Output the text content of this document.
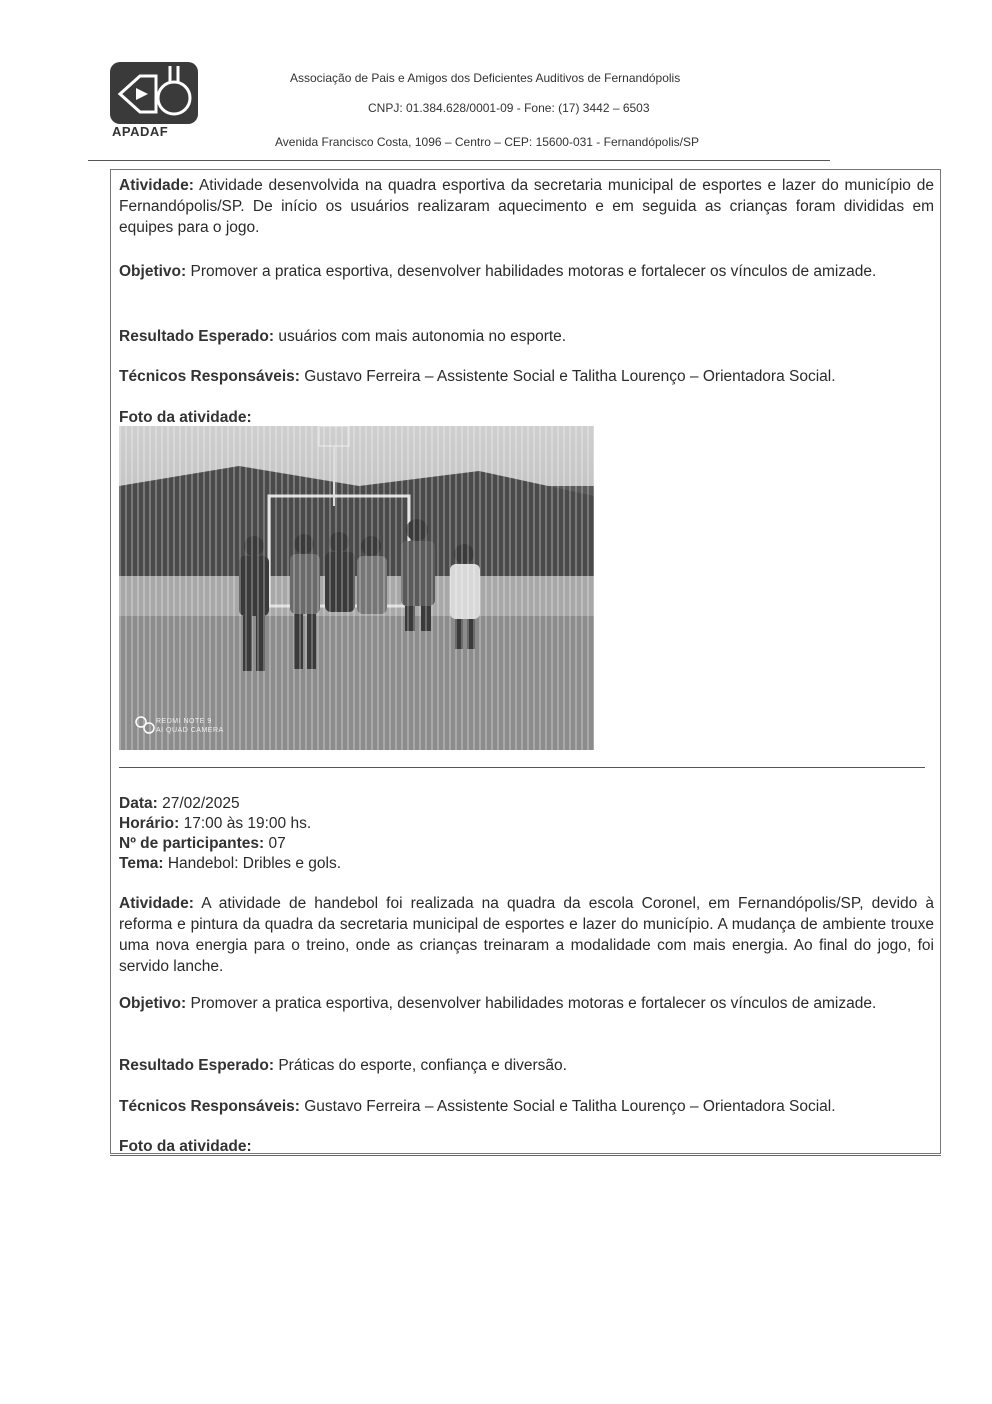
APADAF
Associação de Pais e Amigos dos Deficientes Auditivos de Fernandópolis
CNPJ: 01.384.628/0001-09 - Fone: (17) 3442 – 6503
Avenida Francisco Costa, 1096 – Centro – CEP: 15600-031 - Fernandópolis/SP
Atividade: Atividade desenvolvida na quadra esportiva da secretaria municipal de esportes e lazer do município de Fernandópolis/SP. De início os usuários realizaram aquecimento e em seguida as crianças foram divididas em equipes para o jogo.
Objetivo: Promover a pratica esportiva, desenvolver habilidades motoras e fortalecer os vínculos de amizade.
Resultado Esperado: usuários com mais autonomia no esporte.
Técnicos Responsáveis: Gustavo Ferreira – Assistente Social e Talitha Lourenço – Orientadora Social.
Foto da atividade:
REDMI NOTE 9
AI QUAD CAMERA
Data: 27/02/2025
Horário: 17:00 às 19:00 hs.
Nº de participantes: 07
Tema: Handebol: Dribles e gols.
Atividade: A atividade de handebol foi realizada na quadra da escola Coronel, em Fernandópolis/SP, devido à reforma e pintura da quadra da secretaria municipal de esportes e lazer do município. A mudança de ambiente trouxe uma nova energia para o treino, onde as crianças treinaram a modalidade com mais energia. Ao final do jogo, foi servido lanche.
Objetivo: Promover a pratica esportiva, desenvolver habilidades motoras e fortalecer os vínculos de amizade.
Resultado Esperado: Práticas do esporte, confiança e diversão.
Técnicos Responsáveis: Gustavo Ferreira – Assistente Social e Talitha Lourenço – Orientadora Social.
Foto da atividade:
